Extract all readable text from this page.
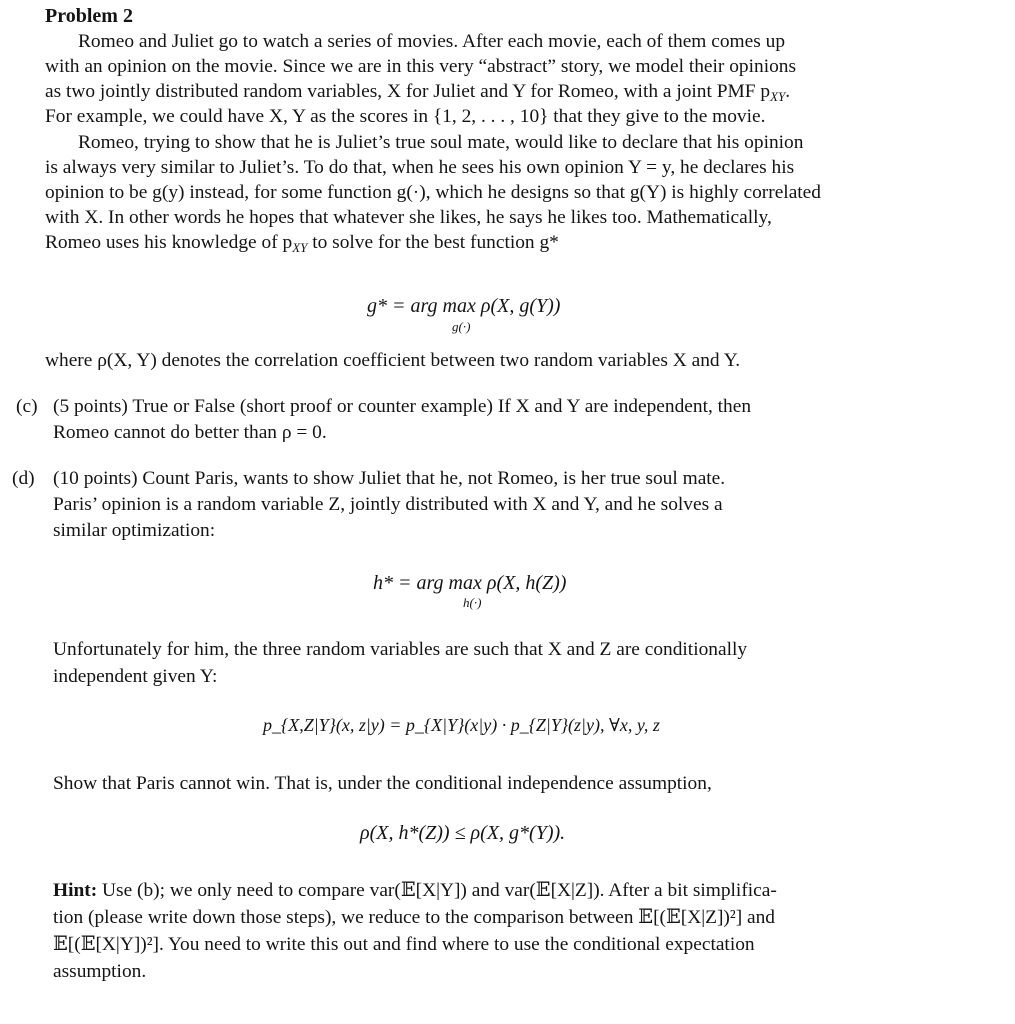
Problem 2
Romeo and Juliet go to watch a series of movies. After each movie, each of them comes up
with an opinion on the movie. Since we are in this very “abstract” story, we model their opinions
as two jointly distributed random variables, X for Juliet and Y for Romeo, with a joint PMF $p_{XY}$.
For example, we could have X, Y as the scores in {1, 2, . . . , 10} that they give to the movie.
Romeo, trying to show that he is Juliet’s true soul mate, would like to declare that his opinion
is always very similar to Juliet’s. To do that, when he sees his own opinion Y = y, he declares his
opinion to be g(y) instead, for some function g(·), which he designs so that g(Y) is highly correlated
with X. In other words he hopes that whatever she likes, he says he likes too. Mathematically,
Romeo uses his knowledge of $p_{XY}$ to solve for the best function g*
g* = arg max ρ(X, g(Y))
g(·)
where ρ(X, Y) denotes the correlation coefficient between two random variables X and Y.
(c) (5 points) True or False (short proof or counter example) If X and Y are independent, then
Romeo cannot do better than ρ = 0.
(d) (10 points) Count Paris, wants to show Juliet that he, not Romeo, is her true soul mate.
Paris’ opinion is a random variable Z, jointly distributed with X and Y, and he solves a
similar optimization:
h* = arg max ρ(X, h(Z))
h(·)
Unfortunately for him, the three random variables are such that X and Z are conditionally
independent given Y:
p_{X,Z|Y}(x, z|y) = p_{X|Y}(x|y) · p_{Z|Y}(z|y), ∀x, y, z
Show that Paris cannot win. That is, under the conditional independence assumption,
ρ(X, h*(Z)) ≤ ρ(X, g*(Y)).
Hint: Use (b); we only need to compare var(𝔼[X|Y]) and var(𝔼[X|Z]). After a bit simplifica-
tion (please write down those steps), we reduce to the comparison between 𝔼[(𝔼[X|Z])²] and
𝔼[(𝔼[X|Y])²]. You need to write this out and find where to use the conditional expectation
assumption.
